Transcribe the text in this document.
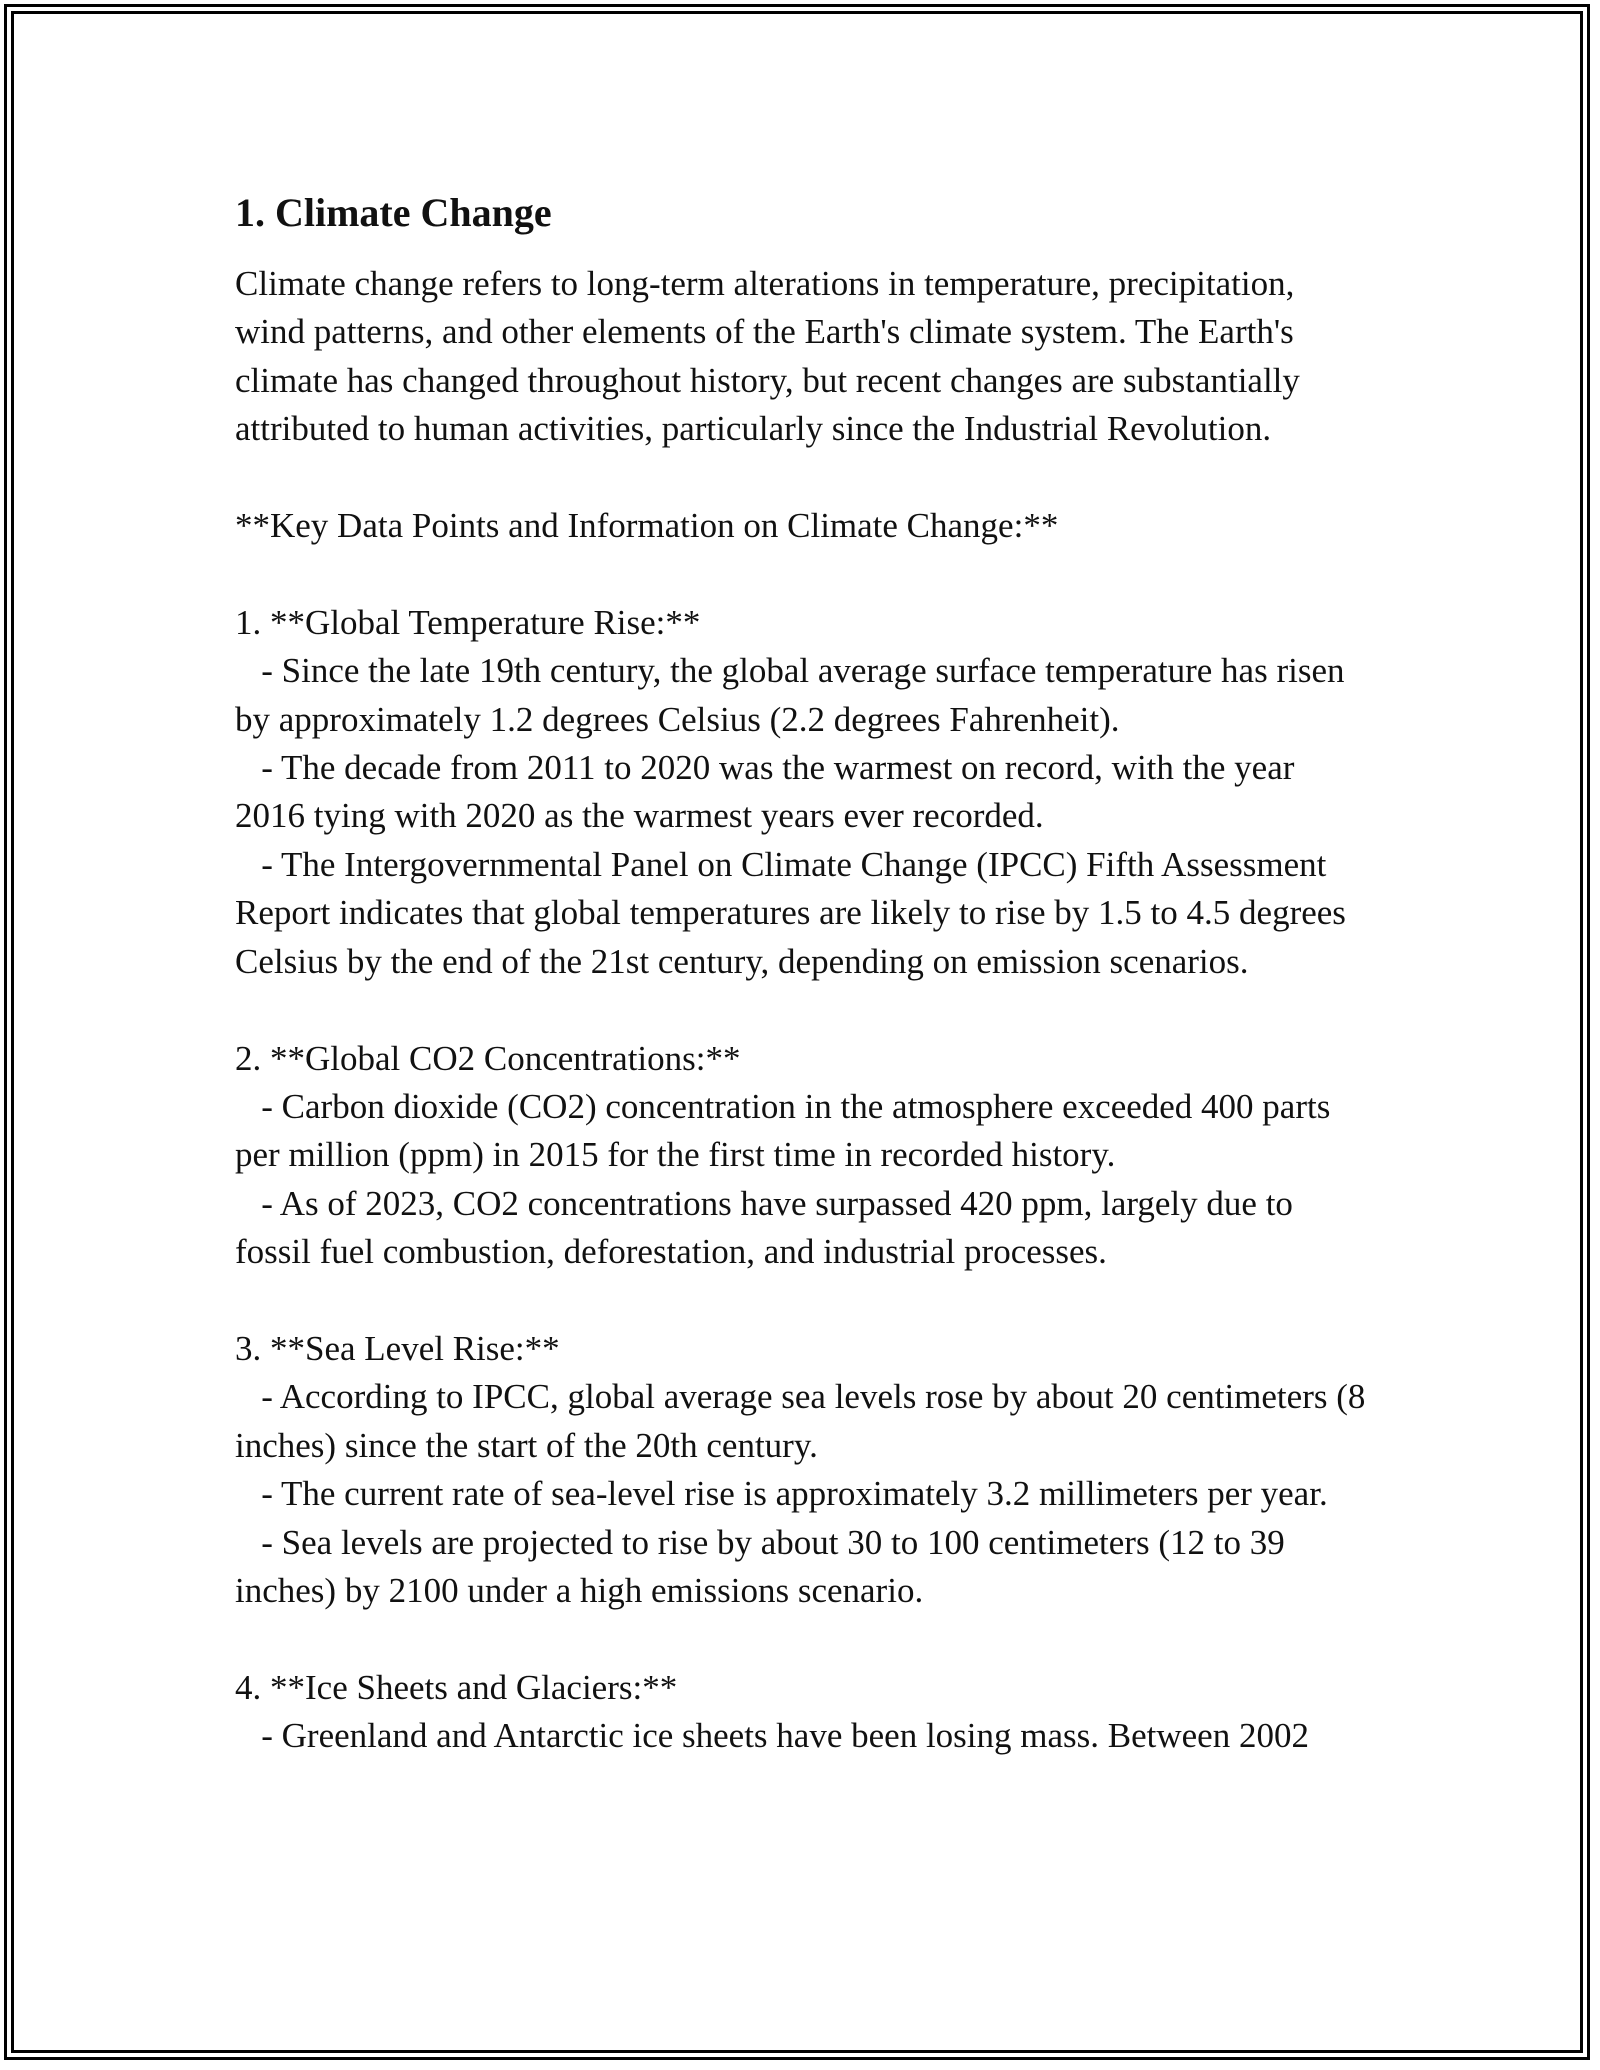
1. Climate Change

Climate change refers to long-term alterations in temperature, precipitation, wind patterns, and other elements of the Earth's climate system. The Earth's climate has changed throughout history, but recent changes are substantially attributed to human activities, particularly since the Industrial Revolution.

**Key Data Points and Information on Climate Change:**

1. **Global Temperature Rise:**
- Since the late 19th century, the global average surface temperature has risen by approximately 1.2 degrees Celsius (2.2 degrees Fahrenheit).
- The decade from 2011 to 2020 was the warmest on record, with the year 2016 tying with 2020 as the warmest years ever recorded.
- The Intergovernmental Panel on Climate Change (IPCC) Fifth Assessment Report indicates that global temperatures are likely to rise by 1.5 to 4.5 degrees Celsius by the end of the 21st century, depending on emission scenarios.

2. **Global CO2 Concentrations:**
- Carbon dioxide (CO2) concentration in the atmosphere exceeded 400 parts per million (ppm) in 2015 for the first time in recorded history.
- As of 2023, CO2 concentrations have surpassed 420 ppm, largely due to fossil fuel combustion, deforestation, and industrial processes.

3. **Sea Level Rise:**
- According to IPCC, global average sea levels rose by about 20 centimeters (8 inches) since the start of the 20th century.
- The current rate of sea-level rise is approximately 3.2 millimeters per year.
- Sea levels are projected to rise by about 30 to 100 centimeters (12 to 39 inches) by 2100 under a high emissions scenario.

4. **Ice Sheets and Glaciers:**
- Greenland and Antarctic ice sheets have been losing mass. Between 2002
